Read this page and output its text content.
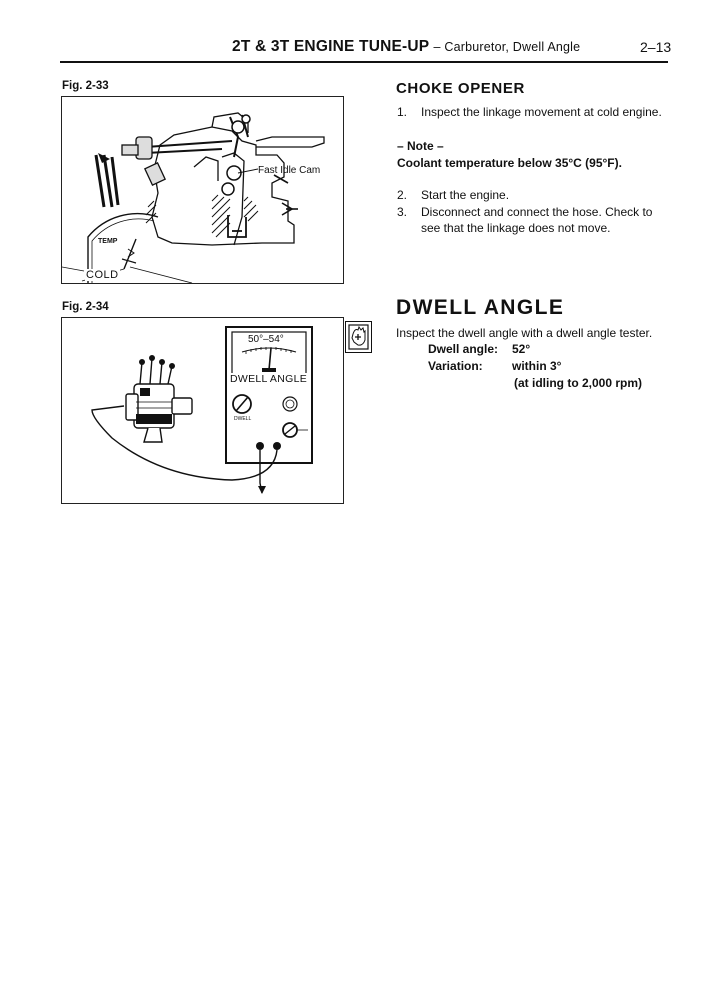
2T & 3T ENGINE TUNE-UP – Carburetor, Dwell Angle	2–13
Fig. 2-33
Fast Idle Cam
TEMP
COLD
Fig. 2-34
50°–54°
DWELL ANGLE
DWELL
CHOKE OPENER
1. Inspect the linkage movement at cold engine.
– Note –
Coolant temperature below 35°C (95°F).
2. Start the engine.
3. Disconnect and connect the hose. Check to
see that the linkage does not move.
DWELL ANGLE
Inspect the dwell angle with a dwell angle tester.
Dwell angle: 52°
Variation: within 3°
(at idling to 2,000 rpm)
